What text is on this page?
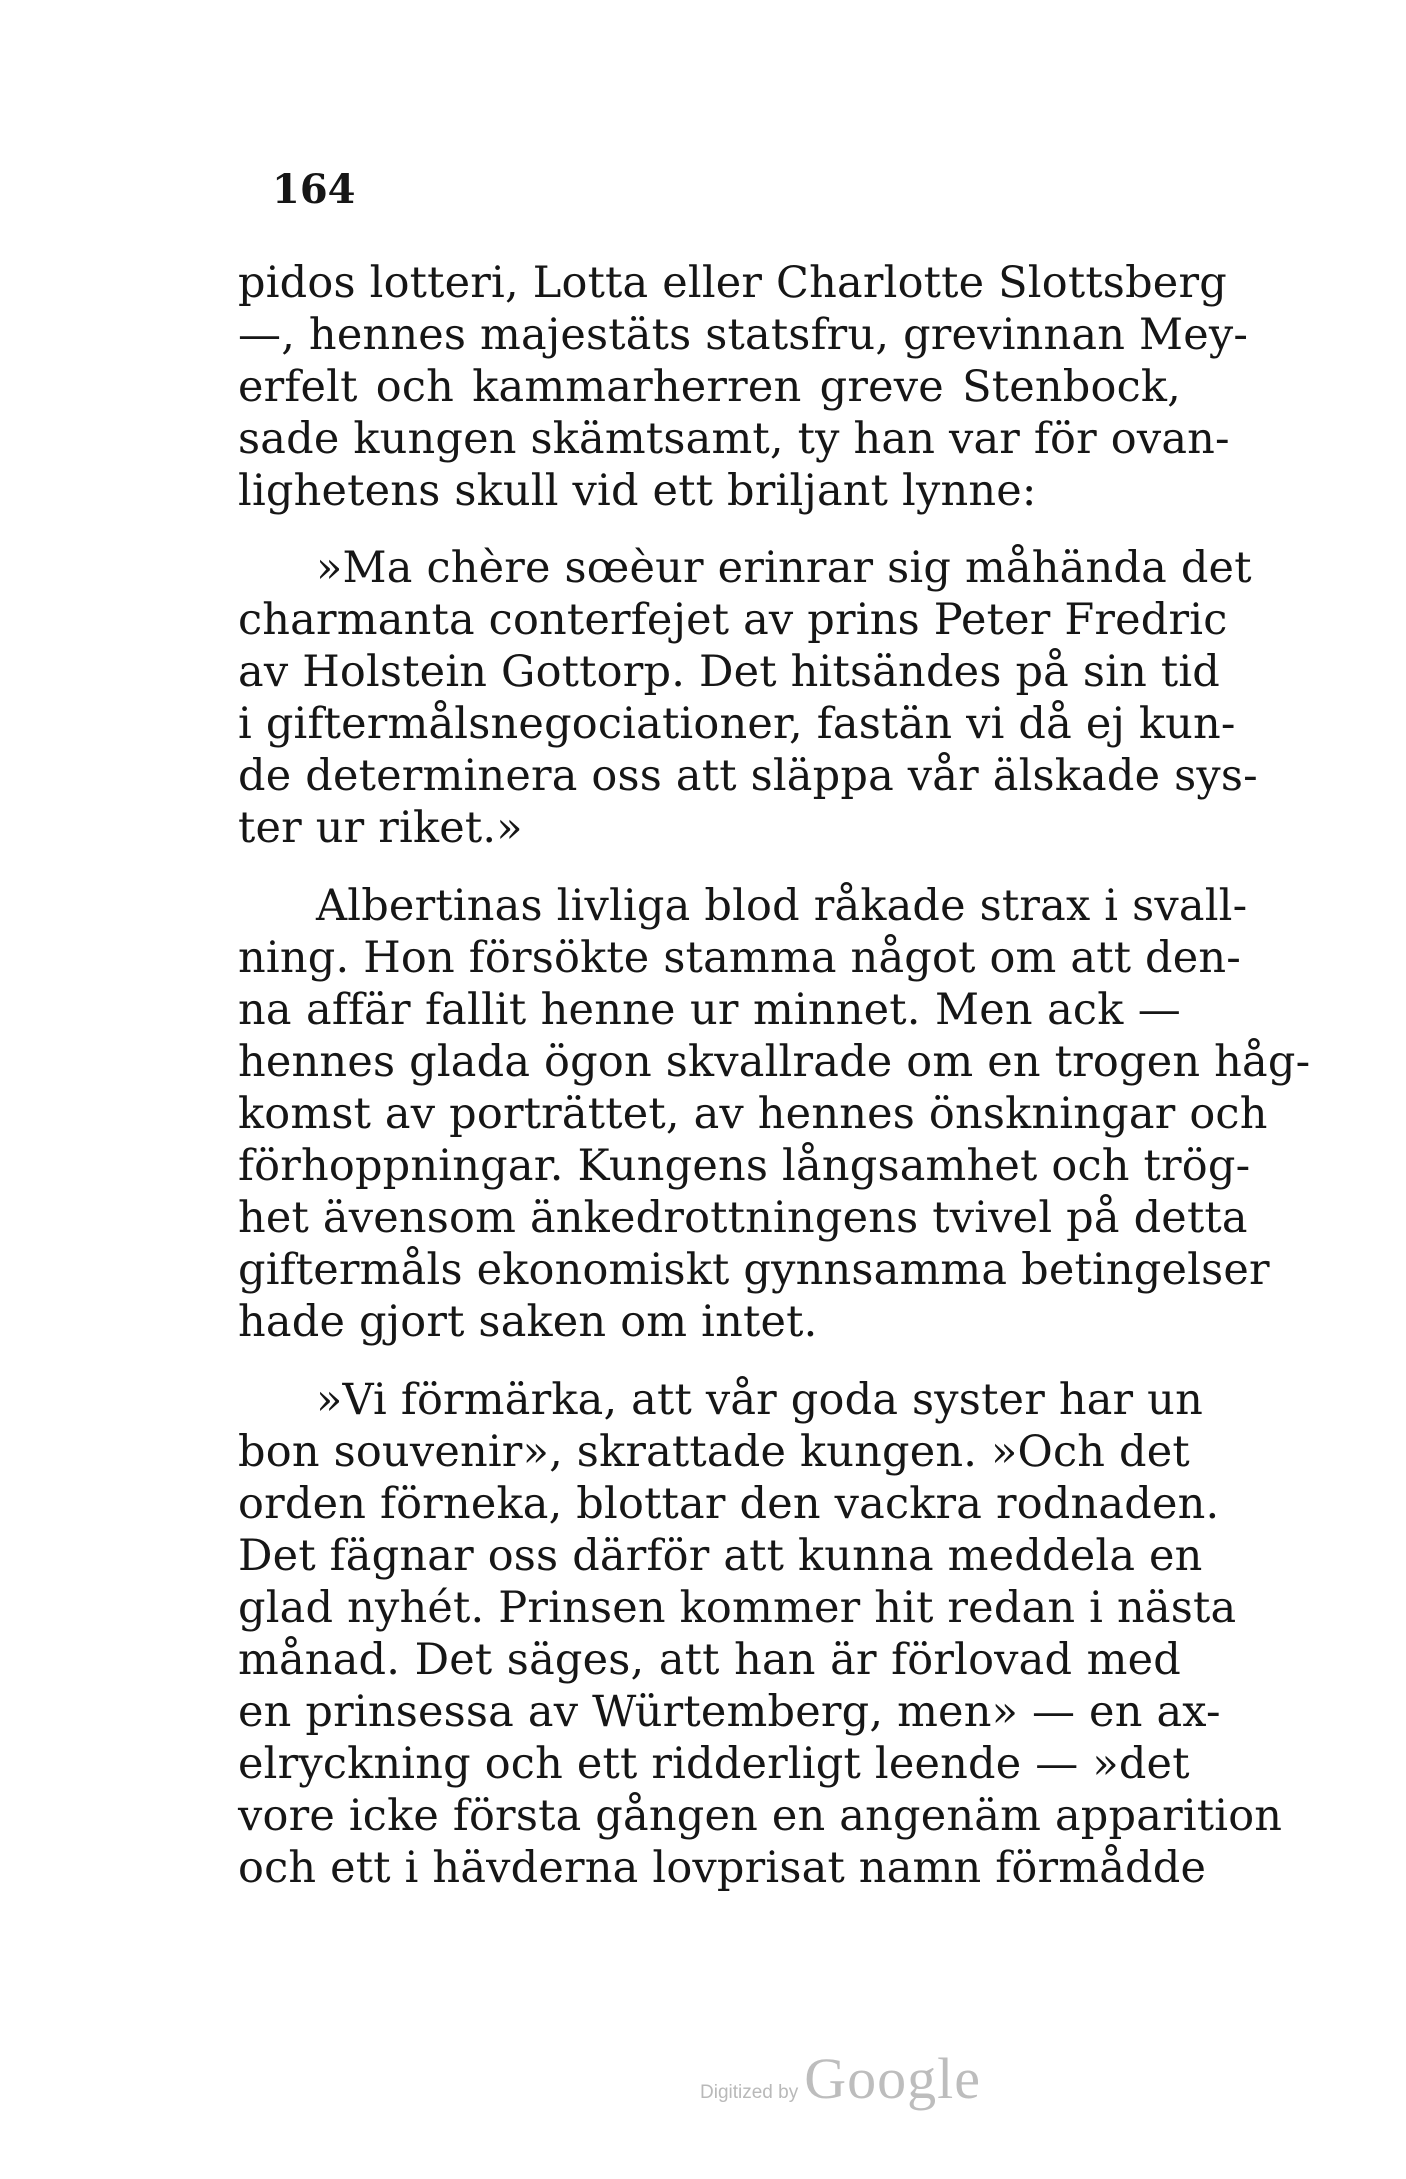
164
pidos lotteri, Lotta eller Charlotte Slottsberg
—, hennes majestäts statsfru, grevinnan Mey-
erfelt och kammarherren greve Stenbock,
sade kungen skämtsamt, ty han var för ovan-
lighetens skull vid ett briljant lynne:
»Ma chère sœèur erinrar sig måhända det
charmanta conterfejet av prins Peter Fredric
av Holstein Gottorp. Det hitsändes på sin tid
i giftermålsnegociationer, fastän vi då ej kun-
de determinera oss att släppa vår älskade sys-
ter ur riket.»
Albertinas livliga blod råkade strax i svall-
ning. Hon försökte stamma något om att den-
na affär fallit henne ur minnet. Men ack —
hennes glada ögon skvallrade om en trogen håg-
komst av porträttet, av hennes önskningar och
förhoppningar. Kungens långsamhet och trög-
het ävensom änkedrottningens tvivel på detta
giftermåls ekonomiskt gynnsamma betingelser
hade gjort saken om intet.
»Vi förmärka, att vår goda syster har un
bon souvenir», skrattade kungen. »Och det
orden förneka, blottar den vackra rodnaden.
Det fägnar oss därför att kunna meddela en
glad nyhét. Prinsen kommer hit redan i nästa
månad. Det säges, att han är förlovad med
en prinsessa av Würtemberg, men» — en ax-
elryckning och ett ridderligt leende — »det
vore icke första gången en angenäm apparition
och ett i hävderna lovprisat namn förmådde
Digitized by Google
